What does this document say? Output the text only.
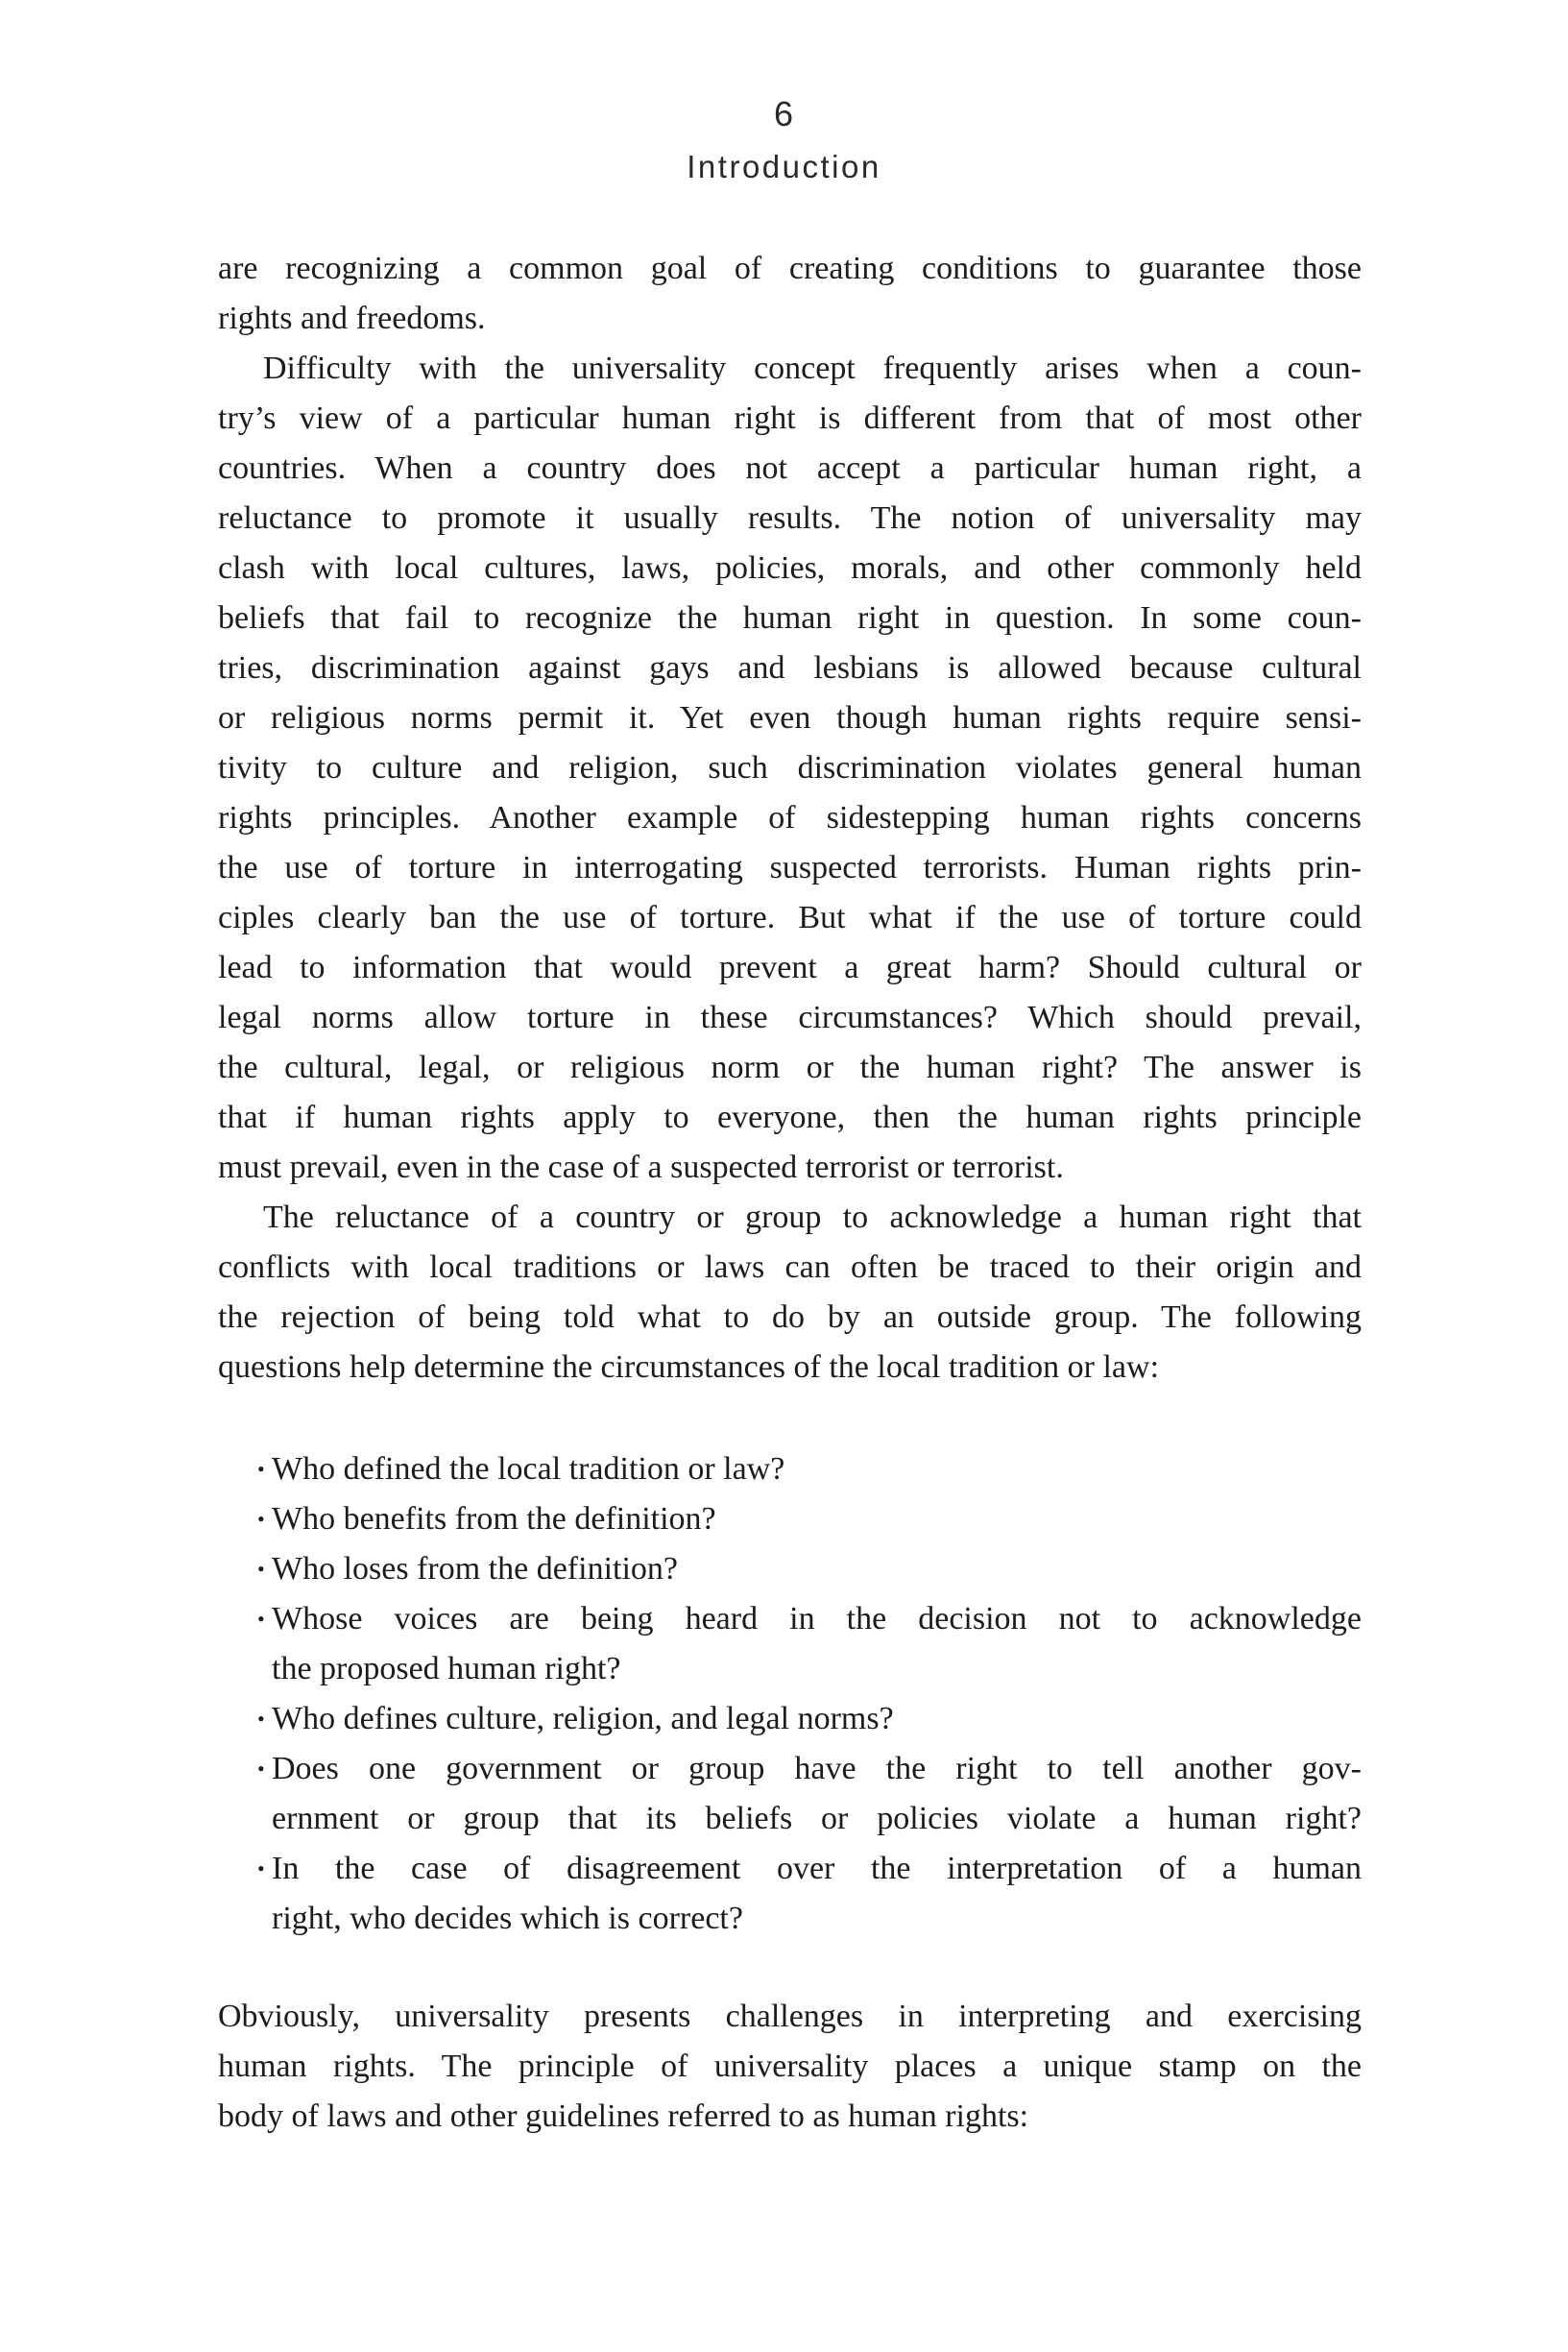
6
Introduction
are recognizing a common goal of creating conditions to guarantee those
rights and freedoms.
Difficulty with the universality concept frequently arises when a coun-
try’s view of a particular human right is different from that of most other
countries. When a country does not accept a particular human right, a
reluctance to promote it usually results. The notion of universality may
clash with local cultures, laws, policies, morals, and other commonly held
beliefs that fail to recognize the human right in question. In some coun-
tries, discrimination against gays and lesbians is allowed because cultural
or religious norms permit it. Yet even though human rights require sensi-
tivity to culture and religion, such discrimination violates general human
rights principles. Another example of sidestepping human rights concerns
the use of torture in interrogating suspected terrorists. Human rights prin-
ciples clearly ban the use of torture. But what if the use of torture could
lead to information that would prevent a great harm? Should cultural or
legal norms allow torture in these circumstances? Which should prevail,
the cultural, legal, or religious norm or the human right? The answer is
that if human rights apply to everyone, then the human rights principle
must prevail, even in the case of a suspected terrorist or terrorist.
The reluctance of a country or group to acknowledge a human right that
conflicts with local traditions or laws can often be traced to their origin and
the rejection of being told what to do by an outside group. The following
questions help determine the circumstances of the local tradition or law:
• Who defined the local tradition or law?
• Who benefits from the definition?
• Who loses from the definition?
• Whose voices are being heard in the decision not to acknowledge
the proposed human right?
• Who defines culture, religion, and legal norms?
• Does one government or group have the right to tell another gov-
ernment or group that its beliefs or policies violate a human right?
• In the case of disagreement over the interpretation of a human
right, who decides which is correct?
Obviously, universality presents challenges in interpreting and exercising
human rights. The principle of universality places a unique stamp on the
body of laws and other guidelines referred to as human rights:
